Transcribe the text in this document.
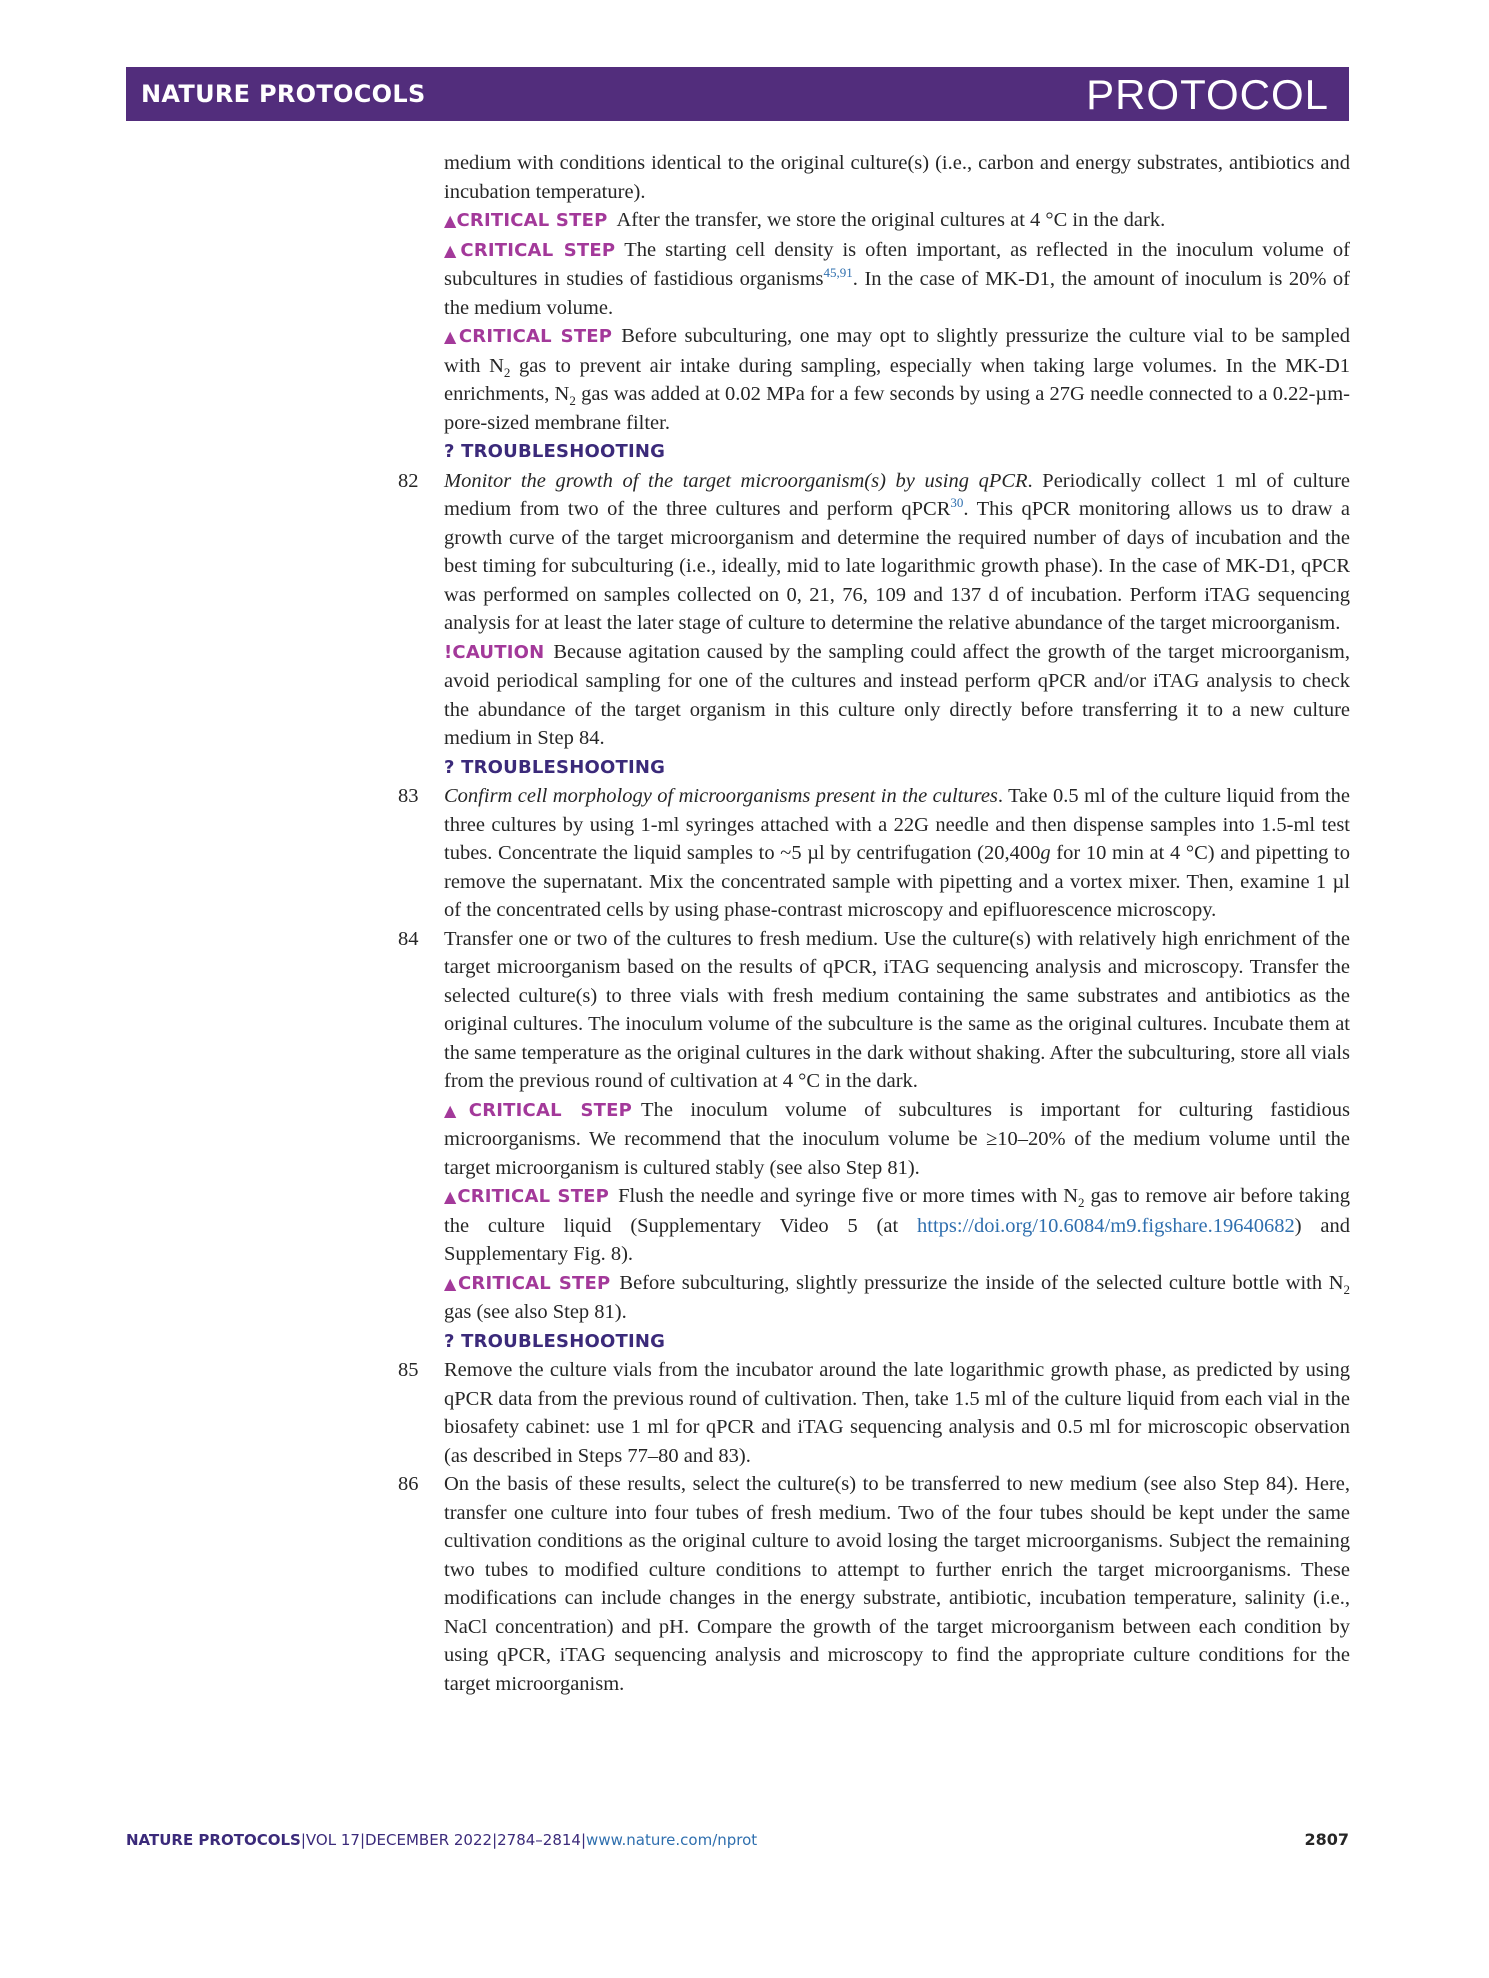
NATURE PROTOCOLS	PROTOCOL

medium with conditions identical to the original culture(s) (i.e., carbon and energy substrates, antibiotics and incubation temperature).

▲CRITICAL STEP After the transfer, we store the original cultures at 4 °C in the dark.

▲CRITICAL STEP The starting cell density is often important, as reflected in the inoculum volume of subcultures in studies of fastidious organisms$^{45,91}$. In the case of MK-D1, the amount of inoculum is 20% of the medium volume.

▲CRITICAL STEP Before subculturing, one may opt to slightly pressurize the culture vial to be sampled with $N_2$ gas to prevent air intake during sampling, especially when taking large volumes. In the MK-D1 enrichments, $N_2$ gas was added at 0.02 MPa for a few seconds by using a 27G needle connected to a 0.22-µm-pore-sized membrane filter.

? TROUBLESHOOTING

82	Monitor the growth of the target microorganism(s) by using qPCR. Periodically collect 1 ml of culture medium from two of the three cultures and perform qPCR$^{30}$. This qPCR monitoring allows us to draw a growth curve of the target microorganism and determine the required number of days of incubation and the best timing for subculturing (i.e., ideally, mid to late logarithmic growth phase). In the case of MK-D1, qPCR was performed on samples collected on 0, 21, 76, 109 and 137 d of incubation. Perform iTAG sequencing analysis for at least the later stage of culture to determine the relative abundance of the target microorganism.

!CAUTION Because agitation caused by the sampling could affect the growth of the target microorganism, avoid periodical sampling for one of the cultures and instead perform qPCR and/or iTAG analysis to check the abundance of the target organism in this culture only directly before transferring it to a new culture medium in Step 84.

? TROUBLESHOOTING

83	Confirm cell morphology of microorganisms present in the cultures. Take 0.5 ml of the culture liquid from the three cultures by using 1-ml syringes attached with a 22G needle and then dispense samples into 1.5-ml test tubes. Concentrate the liquid samples to ~5 µl by centrifugation (20,400g for 10 min at 4 °C) and pipetting to remove the supernatant. Mix the concentrated sample with pipetting and a vortex mixer. Then, examine 1 µl of the concentrated cells by using phase-contrast microscopy and epifluorescence microscopy.

84	Transfer one or two of the cultures to fresh medium. Use the culture(s) with relatively high enrichment of the target microorganism based on the results of qPCR, iTAG sequencing analysis and microscopy. Transfer the selected culture(s) to three vials with fresh medium containing the same substrates and antibiotics as the original cultures. The inoculum volume of the subculture is the same as the original cultures. Incubate them at the same temperature as the original cultures in the dark without shaking. After the subculturing, store all vials from the previous round of cultivation at 4 °C in the dark.

▲CRITICAL STEP The inoculum volume of subcultures is important for culturing fastidious microorganisms. We recommend that the inoculum volume be ≥10–20% of the medium volume until the target microorganism is cultured stably (see also Step 81).

▲CRITICAL STEP Flush the needle and syringe five or more times with $N_2$ gas to remove air before taking the culture liquid (Supplementary Video 5 (at https://doi.org/10.6084/m9.figshare.19640682) and Supplementary Fig. 8).

▲CRITICAL STEP Before subculturing, slightly pressurize the inside of the selected culture bottle with $N_2$ gas (see also Step 81).

? TROUBLESHOOTING

85	Remove the culture vials from the incubator around the late logarithmic growth phase, as predicted by using qPCR data from the previous round of cultivation. Then, take 1.5 ml of the culture liquid from each vial in the biosafety cabinet: use 1 ml for qPCR and iTAG sequencing analysis and 0.5 ml for microscopic observation (as described in Steps 77–80 and 83).

86	On the basis of these results, select the culture(s) to be transferred to new medium (see also Step 84). Here, transfer one culture into four tubes of fresh medium. Two of the four tubes should be kept under the same cultivation conditions as the original culture to avoid losing the target microorganisms. Subject the remaining two tubes to modified culture conditions to attempt to further enrich the target microorganisms. These modifications can include changes in the energy substrate, antibiotic, incubation temperature, salinity (i.e., NaCl concentration) and pH. Compare the growth of the target microorganism between each condition by using qPCR, iTAG sequencing analysis and microscopy to find the appropriate culture conditions for the target microorganism.

NATURE PROTOCOLS|VOL 17|DECEMBER 2022|2784–2814|www.nature.com/nprot	2807
